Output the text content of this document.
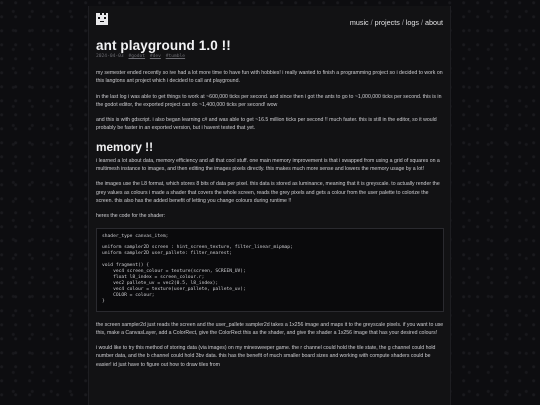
music / projects / logs / about
ant playground 1.0 !!
2024-04-03 #godot #dev #tumble

my semester ended recently so ive had a lot more time to have fun with hobbies! i really wanted to finish a programming project so i decided to work on this langtons ant project which i decided to call ant playground.

in the last log i was able to get things to work at ~600,000 ticks per second. and since then i got the ants to go to ~1,000,000 ticks per second. this is in the godot editor, the exported project can do ~1,400,000 ticks per second! wow

and this is with gdscript. i also began learning c# and was able to get ~16.5 million ticks per second !! much faster. this is still in the editor, so it would probably be faster in an exported version, but i havent tested that yet.

memory !!

i learned a lot about data, memory efficiency and all that cool stuff. one main memory improvement is that i swapped from using a grid of squares on a multimesh instance to images, and then editing the images pixels directly. this makes much more sense and lowers the memory usage by a lot!

the images use the L8 format, which stores 8 bits of data per pixel. this data is stored as luminance, meaning that it is greyscale. to actually render the grey values as colours i made a shader that covers the whole screen, reads the grey pixels and gets a colour from the user palette to colorize the screen. this also has the added benefit of letting you change colours during runtime !!

heres the code for the shader:

shader_type canvas_item;

uniform sampler2D screen : hint_screen_texture, filter_linear_mipmap;
uniform sampler2D user_pallete: filter_nearest;

void fragment() {
vec4 screen_colour = texture(screen, SCREEN_UV);
float l8_index = screen_colour.r;
vec2 pallete_uv = vec2(0.5, l8_index);
vec4 colour = texture(user_pallete, pallete_uv);
COLOR = colour;
}

the screen sampler2d just reads the screen and the user_pallete sampler2d takes a 1x256 image and maps it to the greyscale pixels. if you want to use this, make a CanvasLayer, add a ColorRect, give the ColorRect this as the shader, and give the shader a 1x256 image that has your desired colours!

i would like to try this method of storing data (via images) on my minesweeper game. the r channel could hold the tile state, the g channel could hold number data, and the b channel could hold 3bv data. this has the benefit of much smaller board sizes and working with compute shaders could be easier! id just have to figure out how to draw tiles from
